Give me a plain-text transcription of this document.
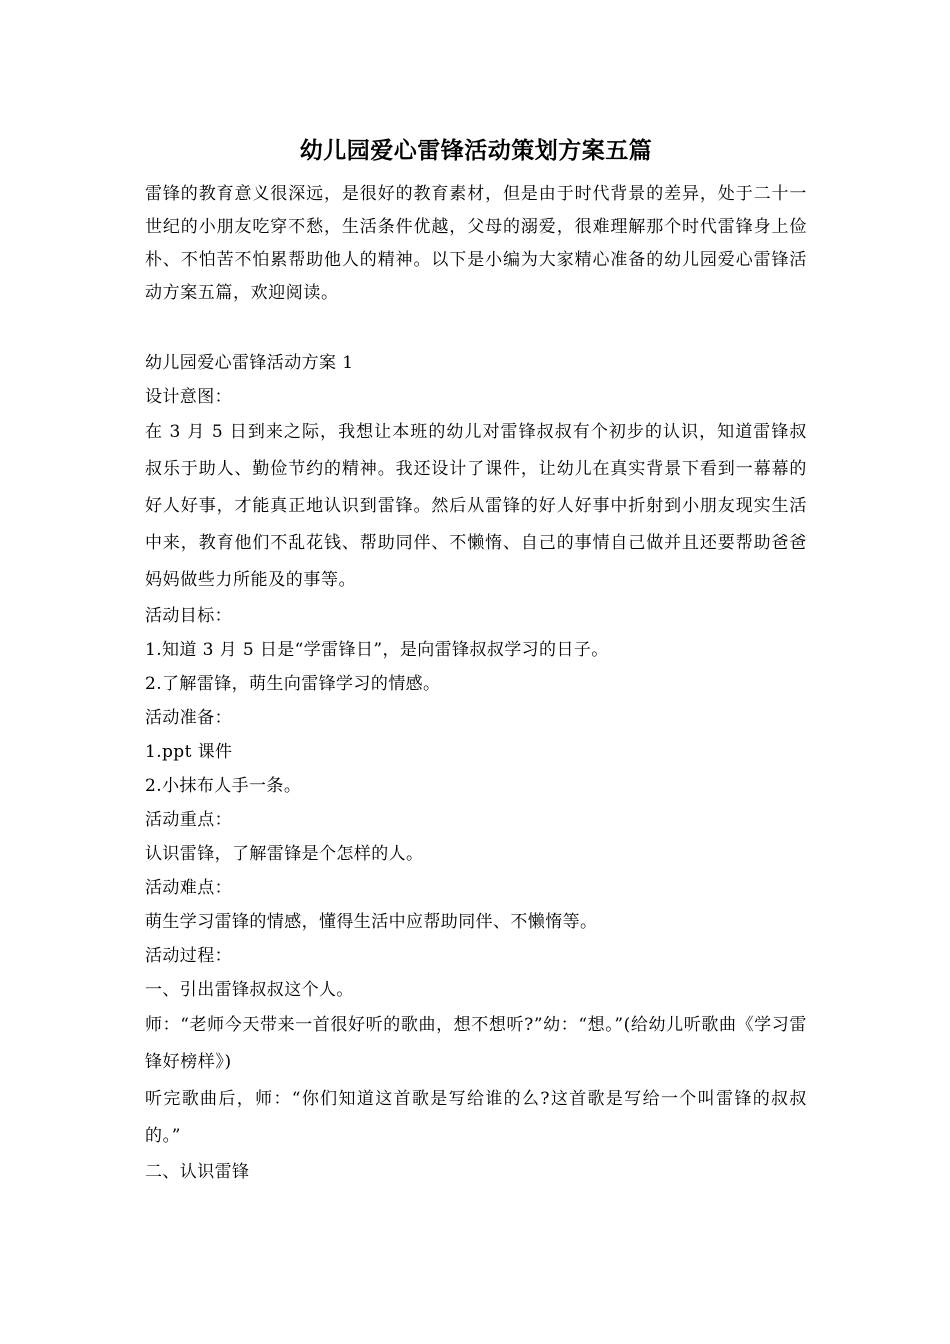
幼儿园爱心雷锋活动策划方案五篇

雷锋的教育意义很深远，是很好的教育素材，但是由于时代背景的差异，处于二十一世纪的小朋友吃穿不愁，生活条件优越，父母的溺爱，很难理解那个时代雷锋身上俭朴、不怕苦不怕累帮助他人的精神。以下是小编为大家精心准备的幼儿园爱心雷锋活动方案五篇，欢迎阅读。

幼儿园爱心雷锋活动方案 1

设计意图：

在 3 月 5 日到来之际，我想让本班的幼儿对雷锋叔叔有个初步的认识，知道雷锋叔叔乐于助人、勤俭节约的精神。我还设计了课件，让幼儿在真实背景下看到一幕幕的好人好事，才能真正地认识到雷锋。然后从雷锋的好人好事中折射到小朋友现实生活中来，教育他们不乱花钱、帮助同伴、不懒惰、自己的事情自己做并且还要帮助爸爸妈妈做些力所能及的事等。

活动目标：

1.知道 3 月 5 日是“学雷锋日”，是向雷锋叔叔学习的日子。

2.了解雷锋，萌生向雷锋学习的情感。

活动准备：

1.ppt 课件

2.小抹布人手一条。

活动重点：

认识雷锋，了解雷锋是个怎样的人。

活动难点：

萌生学习雷锋的情感，懂得生活中应帮助同伴、不懒惰等。

活动过程：

一、引出雷锋叔叔这个人。

师：“老师今天带来一首很好听的歌曲，想不想听?”幼：“想。”(给幼儿听歌曲《学习雷锋好榜样》)

听完歌曲后，师：“你们知道这首歌是写给谁的么?这首歌是写给一个叫雷锋的叔叔的。”

二、认识雷锋
